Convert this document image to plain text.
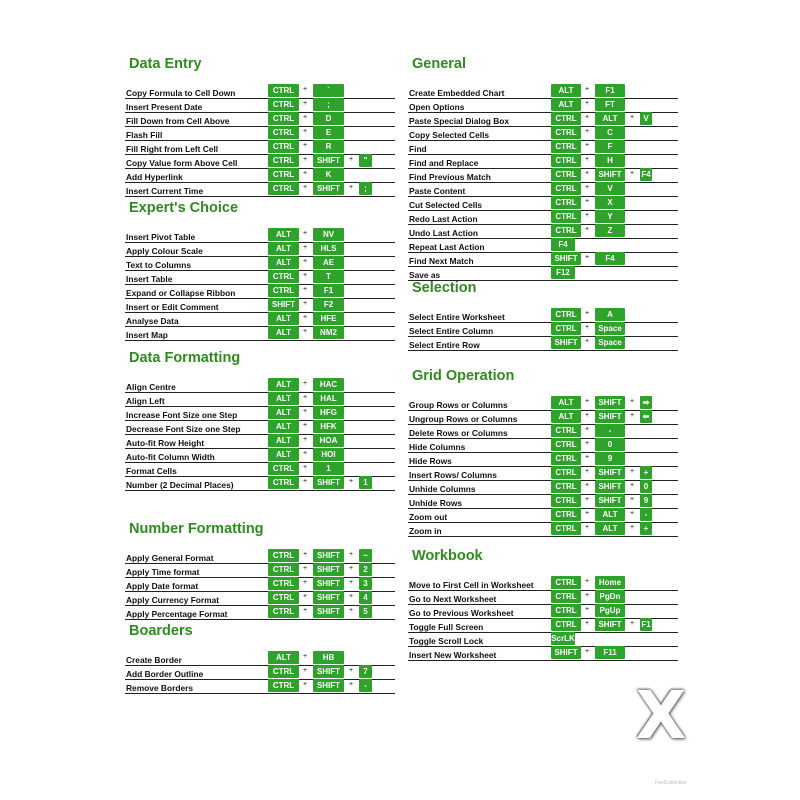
Data Entry
Copy Formula to Cell Down	CTRL	+	`
Insert Present Date	CTRL	+	;
Fill Down from Cell Above	CTRL	+	D
Flash Fill	CTRL	+	E
Fill Right from Left Cell	CTRL	+	R
Copy Value form Above Cell	CTRL	+	SHIFT	+	"
Add Hyperlink	CTRL	+	K
Insert Current Time	CTRL	+	SHIFT	+	;
Expert's Choice
Insert Pivot Table	ALT	+	NV
Apply Colour Scale	ALT	+	HLS
Text to Columns	ALT	+	AE
Insert Table	CTRL	+	T
Expand or Collapse Ribbon	CTRL	+	F1
Insert or Edit Comment	SHIFT	+	F2
Analyse Data	ALT	+	HFE
Insert Map	ALT	+	NM2
Data Formatting
Align Centre	ALT	+	HAC
Align Left	ALT	+	HAL
Increase Font Size one Step	ALT	+	HFG
Decrease Font Size one Step	ALT	+	HFK
Auto-fit Row Height	ALT	+	HOA
Auto-fit Column Width	ALT	+	HOI
Format Cells	CTRL	+	1
Number (2 Decimal Places)	CTRL	+	SHIFT	+	1
Number Formatting
Apply General Format	CTRL	+	SHIFT	+	~
Apply Time format	CTRL	+	SHIFT	+	2
Apply Date format	CTRL	+	SHIFT	+	3
Apply Currency Format	CTRL	+	SHIFT	+	4
Apply Percentage Format	CTRL	+	SHIFT	+	5
Boarders
Create Border	ALT	+	HB
Add Border Outline	CTRL	+	SHIFT	+	7
Remove Borders	CTRL	+	SHIFT	+	-
General
Create Embedded Chart	ALT	+	F1
Open Options	ALT	+	FT
Paste Special Dialog Box	CTRL	+	ALT	+	V
Copy Selected Cells	CTRL	+	C
Find	CTRL	+	F
Find and Replace	CTRL	+	H
Find Previous Match	CTRL	+	SHIFT	+ F4
Paste Content	CTRL	+	V
Cut Selected Cells	CTRL	+	X
Redo Last Action	CTRL	+	Y
Undo Last Action	CTRL	+	Z
Repeat Last Action	F4
Find Next Match	SHIFT	+	F4
Save as	F12
Selection
Select Entire Worksheet	CTRL	+	A
Select Entire Column	CTRL	+	Space
Select Entire Row	SHIFT	+	Space
Grid Operation
Group Rows or Columns	ALT	+	SHIFT	+	➡
Ungroup Rows or Columns	ALT	+	SHIFT	+	⬅
Delete Rows or Columns	CTRL	+	-
Hide Columns	CTRL	+	0
Hide Rows	CTRL	+	9
Insert Rows/ Columns	CTRL	+	SHIFT	+	+
Unhide Columns	CTRL	+	SHIFT	+	0
Unhide Rows	CTRL	+	SHIFT	+	9
Zoom out	CTRL	+	ALT	+	-
Zoom in	CTRL	+	ALT	+	+
Workbook
Move to First Cell in Worksheet	CTRL	+	Home
Go to Next Worksheet	CTRL	+	PgDn
Go to Previous Worksheet	CTRL	+	PgUp
Toggle Full Screen	CTRL	+	SHIFT	+ F1
Toggle Scroll Lock	ScrLK
Insert New Worksheet	SHIFT	+	F11
X
FeelCollection
